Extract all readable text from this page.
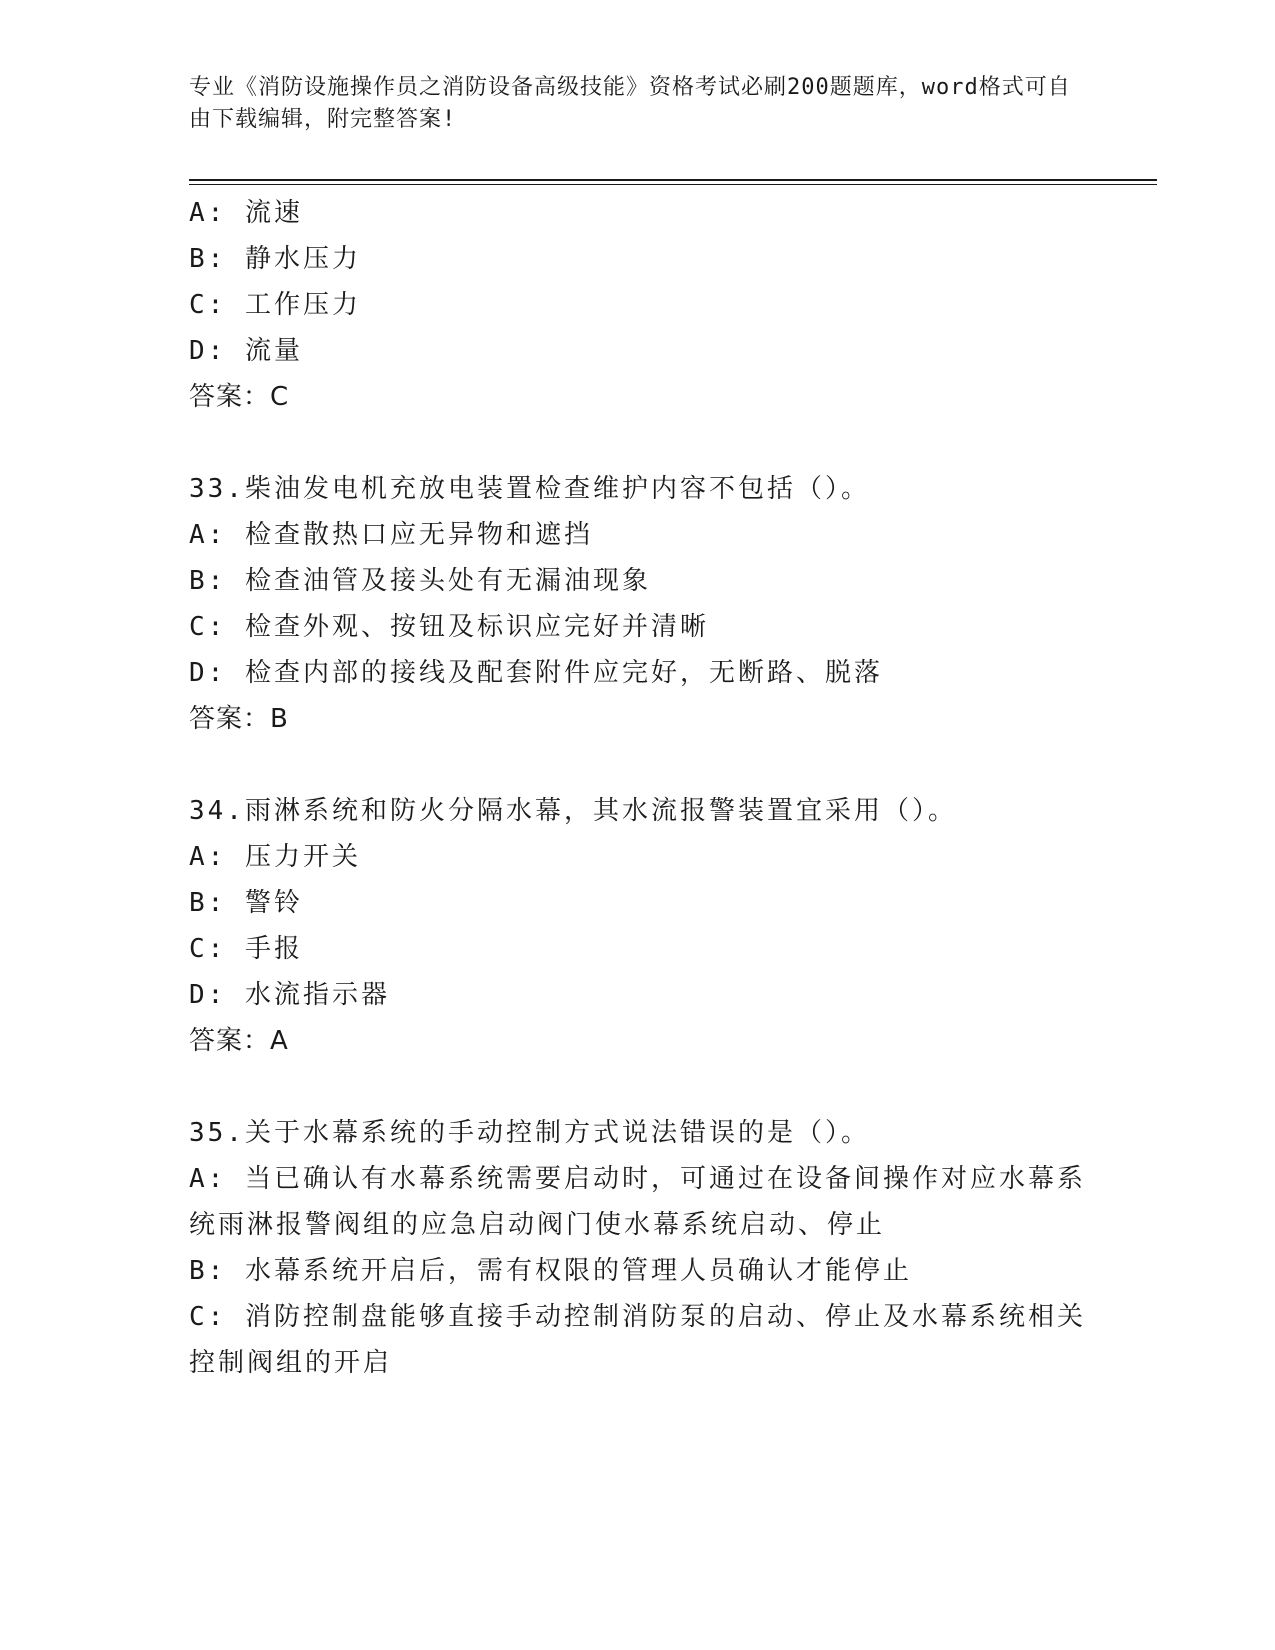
专业《消防设施操作员之消防设备高级技能》资格考试必刷200题题库，word格式可自由下载编辑，附完整答案!
A: 流速
B: 静水压力
C: 工作压力
D: 流量
答案：C
33.柴油发电机充放电装置检查维护内容不包括（）。
A: 检查散热口应无异物和遮挡
B: 检查油管及接头处有无漏油现象
C: 检查外观、按钮及标识应完好并清晰
D: 检查内部的接线及配套附件应完好，无断路、脱落
答案：B
34.雨淋系统和防火分隔水幕，其水流报警装置宜采用（）。
A: 压力开关
B: 警铃
C: 手报
D: 水流指示器
答案：A
35.关于水幕系统的手动控制方式说法错误的是（）。
A: 当已确认有水幕系统需要启动时，可通过在设备间操作对应水幕系统雨淋报警阀组的应急启动阀门使水幕系统启动、停止
B: 水幕系统开启后，需有权限的管理人员确认才能停止
C: 消防控制盘能够直接手动控制消防泵的启动、停止及水幕系统相关控制阀组的开启
